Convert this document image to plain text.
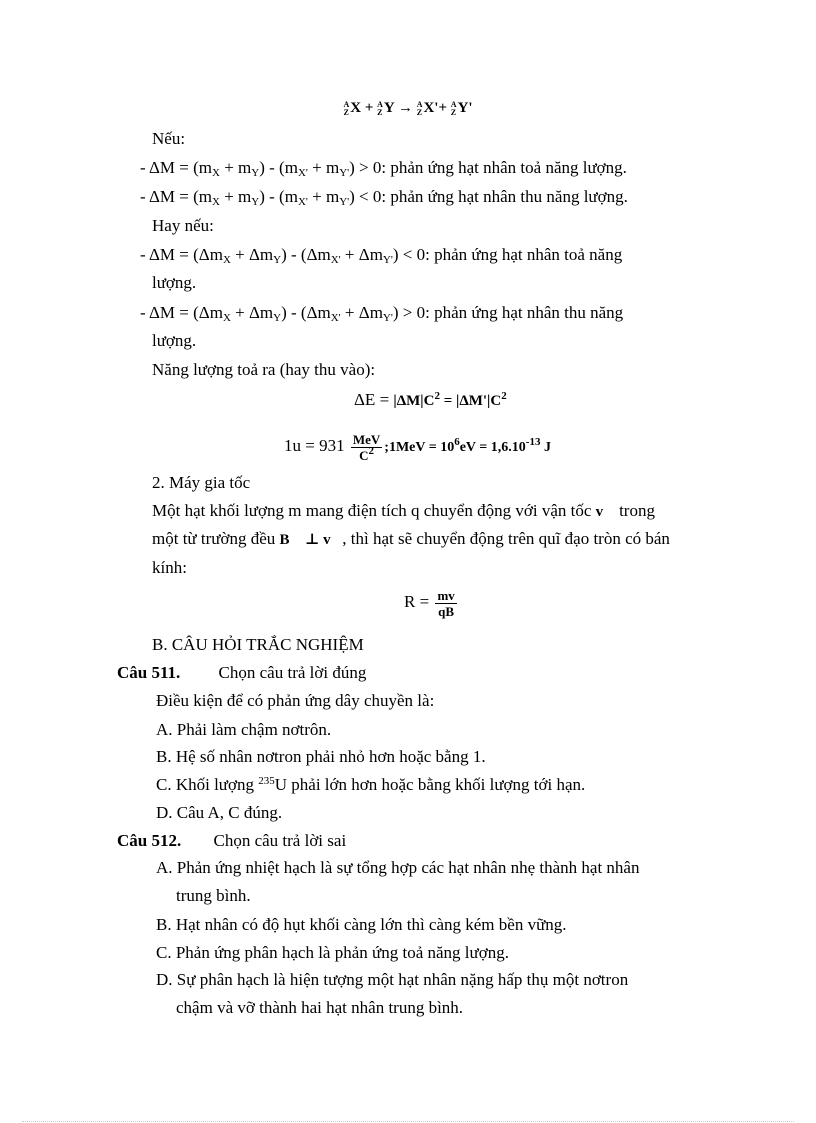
A
Z X + A
Z Y → A
Z X'+ A
Z Y'
Nếu:
- $\Delta M = (m_X + m_Y) - (m_{X'} + m_{Y'}) > 0$: phản ứng hạt nhân toả năng lượng.
- $\Delta M = (m_X + m_Y) - (m_{X'} + m_{Y'}) < 0$: phản ứng hạt nhân thu năng lượng.
Hay nếu:
- $\Delta M = (\Delta m_X + \Delta m_Y) - (\Delta m_{X'} + \Delta m_{Y'}) < 0$: phản ứng hạt nhân toả năng
lượng.
- $\Delta M = (\Delta m_X + \Delta m_Y) - (\Delta m_{X'} + \Delta m_{Y'}) > 0$: phản ứng hạt nhân thu năng
lượng.
Năng lượng toả ra (hay thu vào):
$\Delta E = |\Delta M|C^2 = |\Delta M'|C^2$
$1u = 931 \frac{\text{MeV}}{C^2}$ ;1MeV = $10^6eV = 1,6.10^{-13}$ J
2. Máy gia tốc
Một hạt khối lượng m mang điện tích q chuyển động với vận tốc v⃗ trong
một từ trường đều B⃗ ⊥ v⃗, thì hạt sẽ chuyển động trên quĩ đạo tròn có bán
kính:
$R = \frac{mv}{qB}$
B. CÂU HỎI TRẮC NGHIỆM
Câu 511. Chọn câu trả lời đúng
Điều kiện để có phản ứng dây chuyền là:
A. Phải làm chậm nơtrôn.
B. Hệ số nhân nơtron phải nhỏ hơn hoặc bằng 1.
C. Khối lượng $^{235}$U phải lớn hơn hoặc bằng khối lượng tới hạn.
D. Câu A, C đúng.
Câu 512. Chọn câu trả lời sai
A. Phản ứng nhiệt hạch là sự tổng hợp các hạt nhân nhẹ thành hạt nhân
trung bình.
B. Hạt nhân có độ hụt khối càng lớn thì càng kém bền vững.
C. Phản ứng phân hạch là phản ứng toả năng lượng.
D. Sự phân hạch là hiện tượng một hạt nhân nặng hấp thụ một nơtron
chậm và vỡ thành hai hạt nhân trung bình.
